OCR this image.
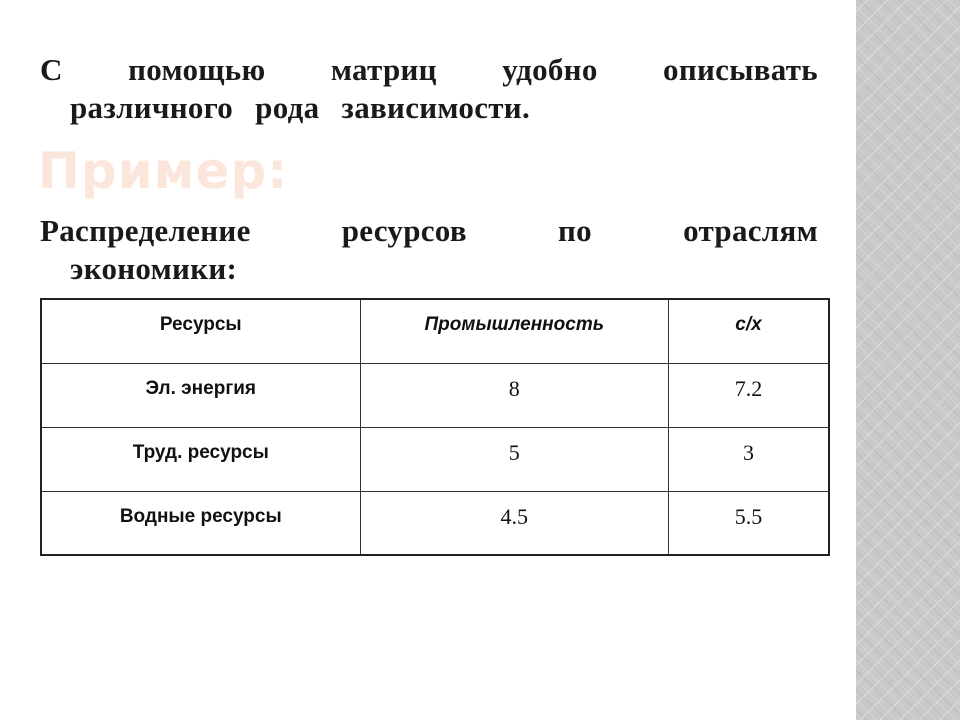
С помощью матриц удобно описывать различного рода зависимости.

Пример:

Распределение ресурсов по отраслям экономики:

Ресурсы	Промышленность	с/х
Эл. энергия	8	7.2
Труд. ресурсы	5	3
Водные ресурсы	4.5	5.5
